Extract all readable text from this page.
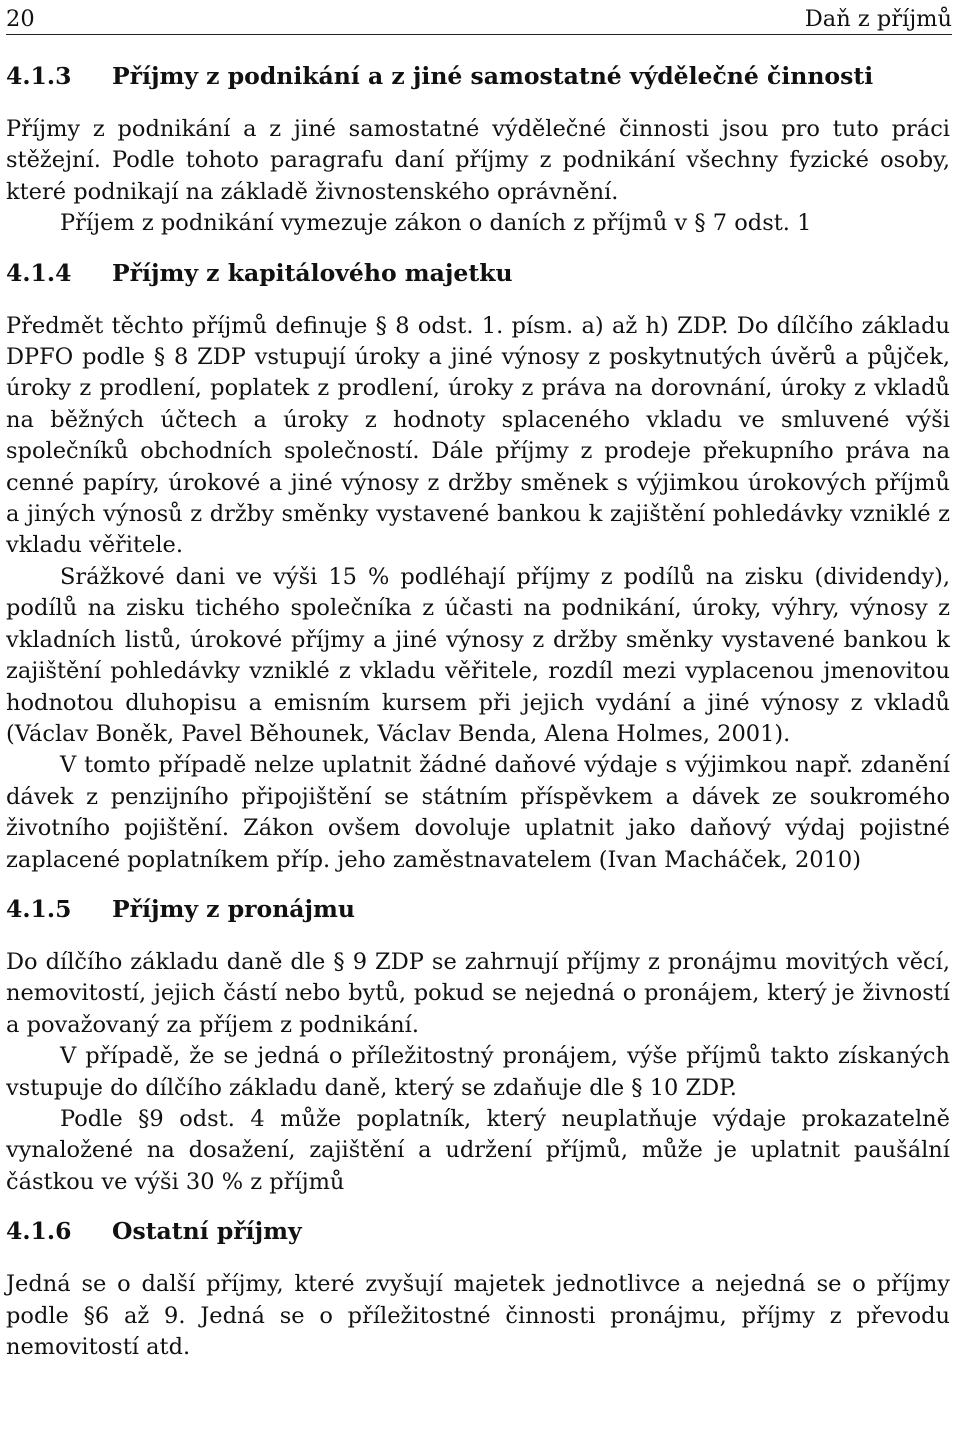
20	Daň z příjmů
4.1.3	Příjmy z podnikání a z jiné samostatné výdělečné činnosti

Příjmy z podnikání a z jiné samostatné výdělečné činnosti jsou pro tuto práci stěžejní. Podle tohoto paragrafu daní příjmy z podnikání všechny fyzické osoby, které podnikají na základě živnostenského oprávnění.

Příjem z podnikání vymezuje zákon o daních z příjmů v § 7 odst. 1

4.1.4	Příjmy z kapitálového majetku

Předmět těchto příjmů definuje § 8 odst. 1. písm. a) až h) ZDP. Do dílčího základu DPFO podle § 8 ZDP vstupují úroky a jiné výnosy z poskytnutých úvěrů a půjček, úroky z prodlení, poplatek z prodlení, úroky z práva na dorovnání, úroky z vkladů na běžných účtech a úroky z hodnoty splaceného vkladu ve smluvené výši společníků obchodních společností. Dále příjmy z prodeje překupního práva na cenné papíry, úrokové a jiné výnosy z držby směnek s výjimkou úrokových příjmů a jiných výnosů z držby směnky vystavené bankou k zajištění pohledávky vzniklé z vkladu věřitele.

Srážkové dani ve výši 15 % podléhají příjmy z podílů na zisku (dividendy), podílů na zisku tichého společníka z účasti na podnikání, úroky, výhry, výnosy z vkladních listů, úrokové příjmy a jiné výnosy z držby směnky vystavené bankou k zajištění pohledávky vzniklé z vkladu věřitele, rozdíl mezi vyplacenou jmenovitou hodnotou dluhopisu a emisním kursem při jejich vydání a jiné výnosy z vkladů (Václav Boněk, Pavel Běhounek, Václav Benda, Alena Holmes, 2001).

V tomto případě nelze uplatnit žádné daňové výdaje s výjimkou např. zdanění dávek z penzijního připojištění se státním příspěvkem a dávek ze soukromého životního pojištění. Zákon ovšem dovoluje uplatnit jako daňový výdaj pojistné zaplacené poplatníkem příp. jeho zaměstnavatelem (Ivan Macháček, 2010)

4.1.5	Příjmy z pronájmu

Do dílčího základu daně dle § 9 ZDP se zahrnují příjmy z pronájmu movitých věcí, nemovitostí, jejich částí nebo bytů, pokud se nejedná o pronájem, který je živností a považovaný za příjem z podnikání.

V případě, že se jedná o příležitostný pronájem, výše příjmů takto získaných vstupuje do dílčího základu daně, který se zdaňuje dle § 10 ZDP.

Podle §9 odst. 4 může poplatník, který neuplatňuje výdaje prokazatelně vynaložené na dosažení, zajištění a udržení příjmů, může je uplatnit paušální částkou ve výši 30 % z příjmů

4.1.6	Ostatní příjmy

Jedná se o další příjmy, které zvyšují majetek jednotlivce a nejedná se o příjmy podle §6 až 9. Jedná se o příležitostné činnosti pronájmu, příjmy z převodu nemovitostí atd.
